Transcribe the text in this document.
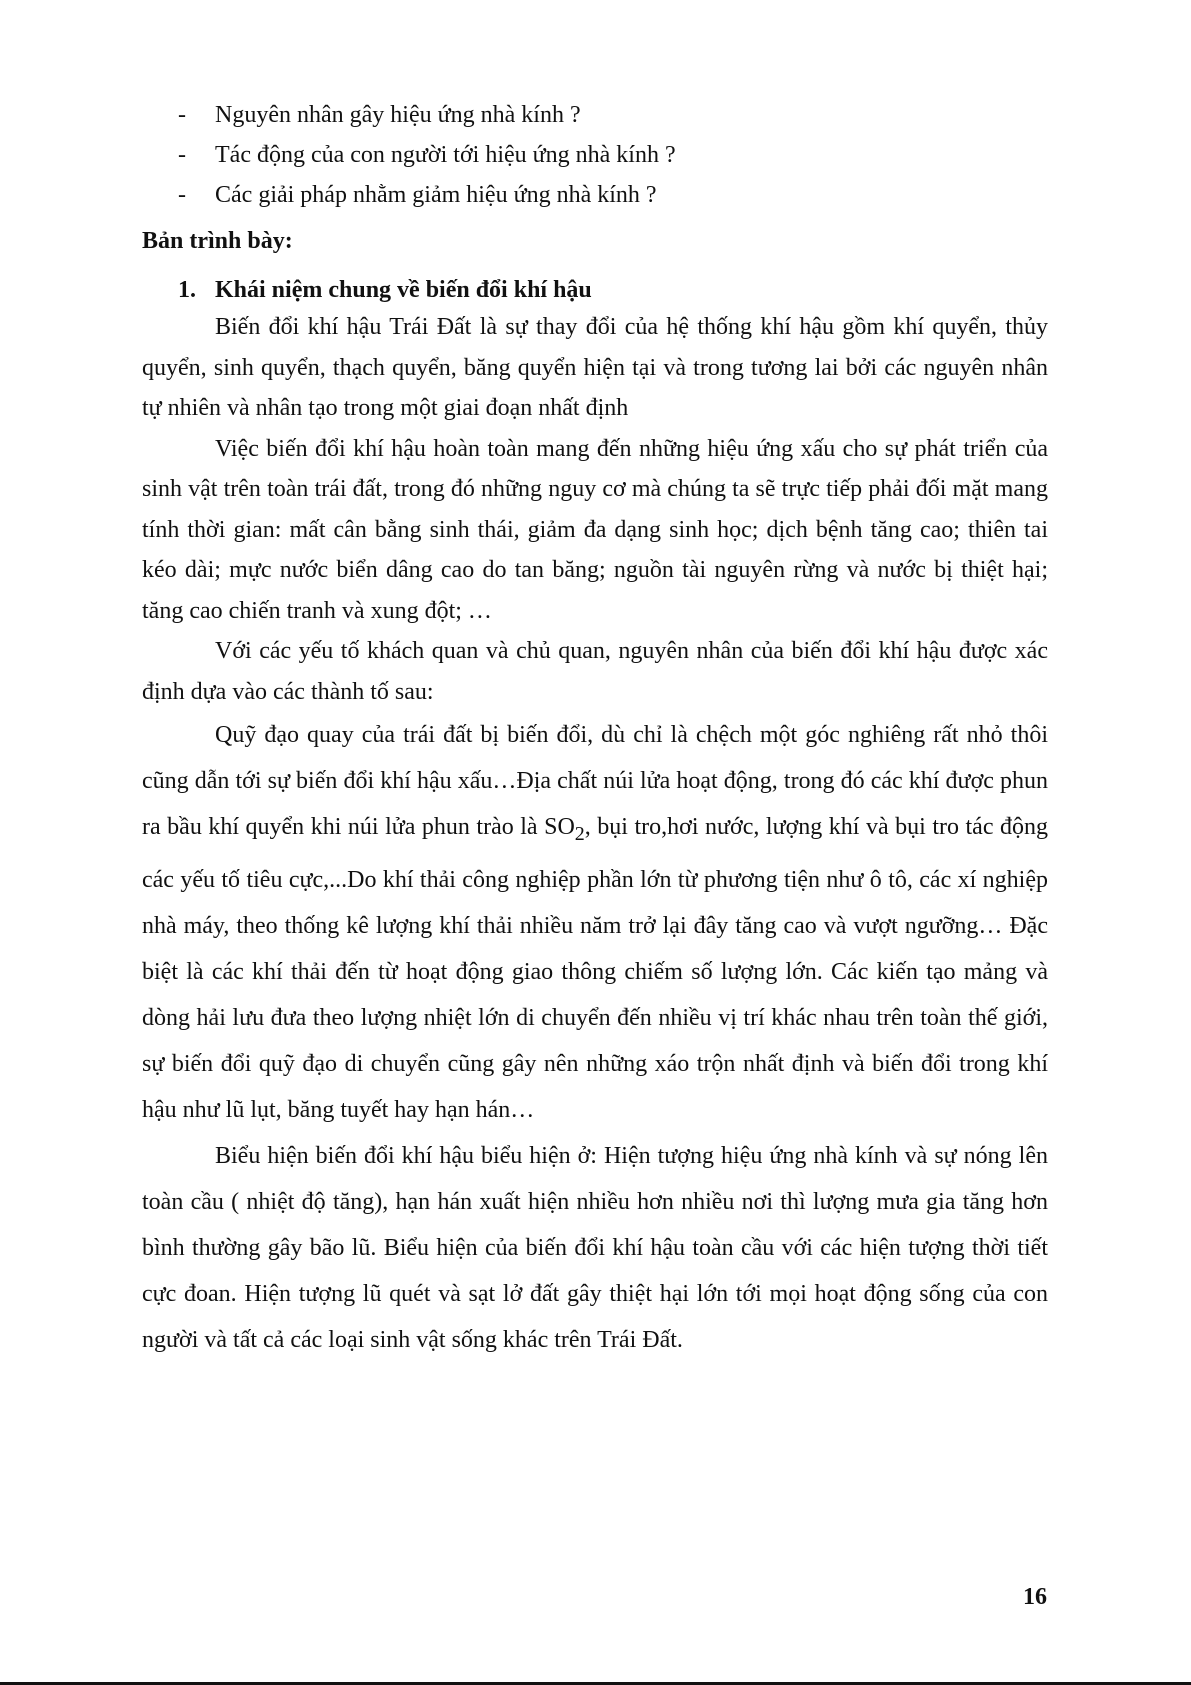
- Nguyên nhân gây hiệu ứng nhà kính ?
- Tác động của con người tới hiệu ứng nhà kính ?
- Các giải pháp nhằm giảm hiệu ứng nhà kính ?
Bản trình bày:
1. Khái niệm chung về biến đổi khí hậu

Biến đổi khí hậu Trái Đất là sự thay đổi của hệ thống khí hậu gồm khí quyển, thủy quyển, sinh quyển, thạch quyển, băng quyển hiện tại và trong tương lai bởi các nguyên nhân tự nhiên và nhân tạo trong một giai đoạn nhất định

Việc biến đổi khí hậu hoàn toàn mang đến những hiệu ứng xấu cho sự phát triển của sinh vật trên toàn trái đất, trong đó những nguy cơ mà chúng ta sẽ trực tiếp phải đối mặt mang tính thời gian: mất cân bằng sinh thái, giảm đa dạng sinh học; dịch bệnh tăng cao; thiên tai kéo dài; mực nước biển dâng cao do tan băng; nguồn tài nguyên rừng và nước bị thiệt hại; tăng cao chiến tranh và xung đột; …

Với các yếu tố khách quan và chủ quan, nguyên nhân của biến đổi khí hậu được xác định dựa vào các thành tố sau:

Quỹ đạo quay của trái đất bị biến đổi, dù chỉ là chệch một góc nghiêng rất nhỏ thôi cũng dẫn tới sự biến đổi khí hậu xấu…Địa chất núi lửa hoạt động, trong đó các khí được phun ra bầu khí quyển khi núi lửa phun trào là $SO_2$, bụi tro,hơi nước, lượng khí và bụi tro tác động các yếu tố tiêu cực,...Do khí thải công nghiệp phần lớn từ phương tiện như ô tô, các xí nghiệp nhà máy, theo thống kê lượng khí thải nhiều năm trở lại đây tăng cao và vượt ngưỡng… Đặc biệt là các khí thải đến từ hoạt động giao thông chiếm số lượng lớn. Các kiến tạo mảng và dòng hải lưu đưa theo lượng nhiệt lớn di chuyển đến nhiều vị trí khác nhau trên toàn thế giới, sự biến đổi quỹ đạo di chuyển cũng gây nên những xáo trộn nhất định và biến đổi trong khí hậu như lũ lụt, băng tuyết hay hạn hán…

Biểu hiện biến đổi khí hậu biểu hiện ở: Hiện tượng hiệu ứng nhà kính và sự nóng lên toàn cầu ( nhiệt độ tăng), hạn hán xuất hiện nhiều hơn nhiều nơi thì lượng mưa gia tăng hơn bình thường gây bão lũ. Biểu hiện của biến đổi khí hậu toàn cầu với các hiện tượng thời tiết cực đoan. Hiện tượng lũ quét và sạt lở đất gây thiệt hại lớn tới mọi hoạt động sống của con người và tất cả các loại sinh vật sống khác trên Trái Đất.

16
